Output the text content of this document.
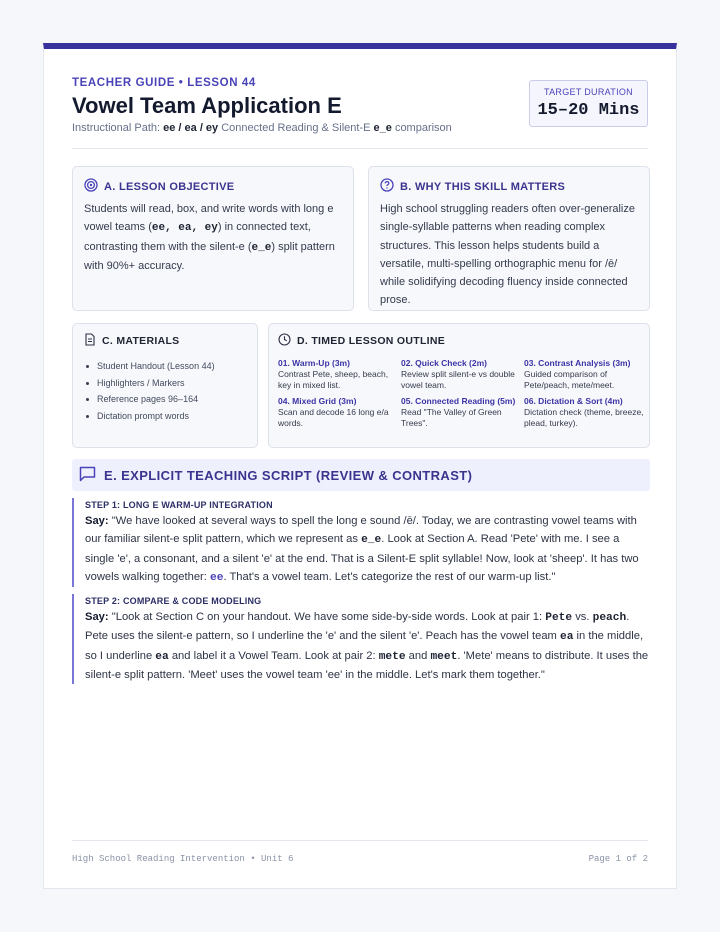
TEACHER GUIDE • LESSON 44
Vowel Team Application E
Instructional Path: ee / ea / ey Connected Reading & Silent-E e_e comparison
TARGET DURATION
15–20 Mins
A. LESSON OBJECTIVE

Students will read, box, and write words with long e vowel teams (ee, ea, ey) in connected text, contrasting them with the silent-e (e_e) split pattern with 90%+ accuracy.

B. WHY THIS SKILL MATTERS

High school struggling readers often over-generalize single-syllable patterns when reading complex structures. This lesson helps students build a versatile, multi-spelling orthographic menu for /ē/ while solidifying decoding fluency inside connected prose.

C. MATERIALS
Student Handout (Lesson 44)
Highlighters / Markers
Reference pages 96–164
Dictation prompt words
D. TIMED LESSON OUTLINE
01. Warm-Up (3m)
Contrast Pete, sheep, beach, key in mixed list.
02. Quick Check (2m)
Review split silent-e vs double vowel team.
03. Contrast Analysis (3m)
Guided comparison of Pete/peach, mete/meet.
04. Mixed Grid (3m)
Scan and decode 16 long e/a words.
05. Connected Reading (5m)
Read "The Valley of Green Trees".
06. Dictation & Sort (4m)
Dictation check (theme, breeze, plead, turkey).
E. EXPLICIT TEACHING SCRIPT (REVIEW & CONTRAST)
STEP 1: LONG E WARM-UP INTEGRATION

Say: "We have looked at several ways to spell the long e sound /ē/. Today, we are contrasting vowel teams with our familiar silent-e split pattern, which we represent as e_e. Look at Section A. Read 'Pete' with me. I see a single 'e', a consonant, and a silent 'e' at the end. That is a Silent-E split syllable! Now, look at 'sheep'. It has two vowels walking together: ee. That's a vowel team. Let's categorize the rest of our warm-up list."

STEP 2: COMPARE & CODE MODELING

Say: "Look at Section C on your handout. We have some side-by-side words. Look at pair 1: Pete vs. peach. Pete uses the silent-e pattern, so I underline the 'e' and the silent 'e'. Peach has the vowel team ea in the middle, so I underline ea and label it a Vowel Team. Look at pair 2: mete and meet. 'Mete' means to distribute. It uses the silent-e split pattern. 'Meet' uses the vowel team 'ee' in the middle. Let's mark them together."

High School Reading Intervention • Unit 6	Page 1 of 2
